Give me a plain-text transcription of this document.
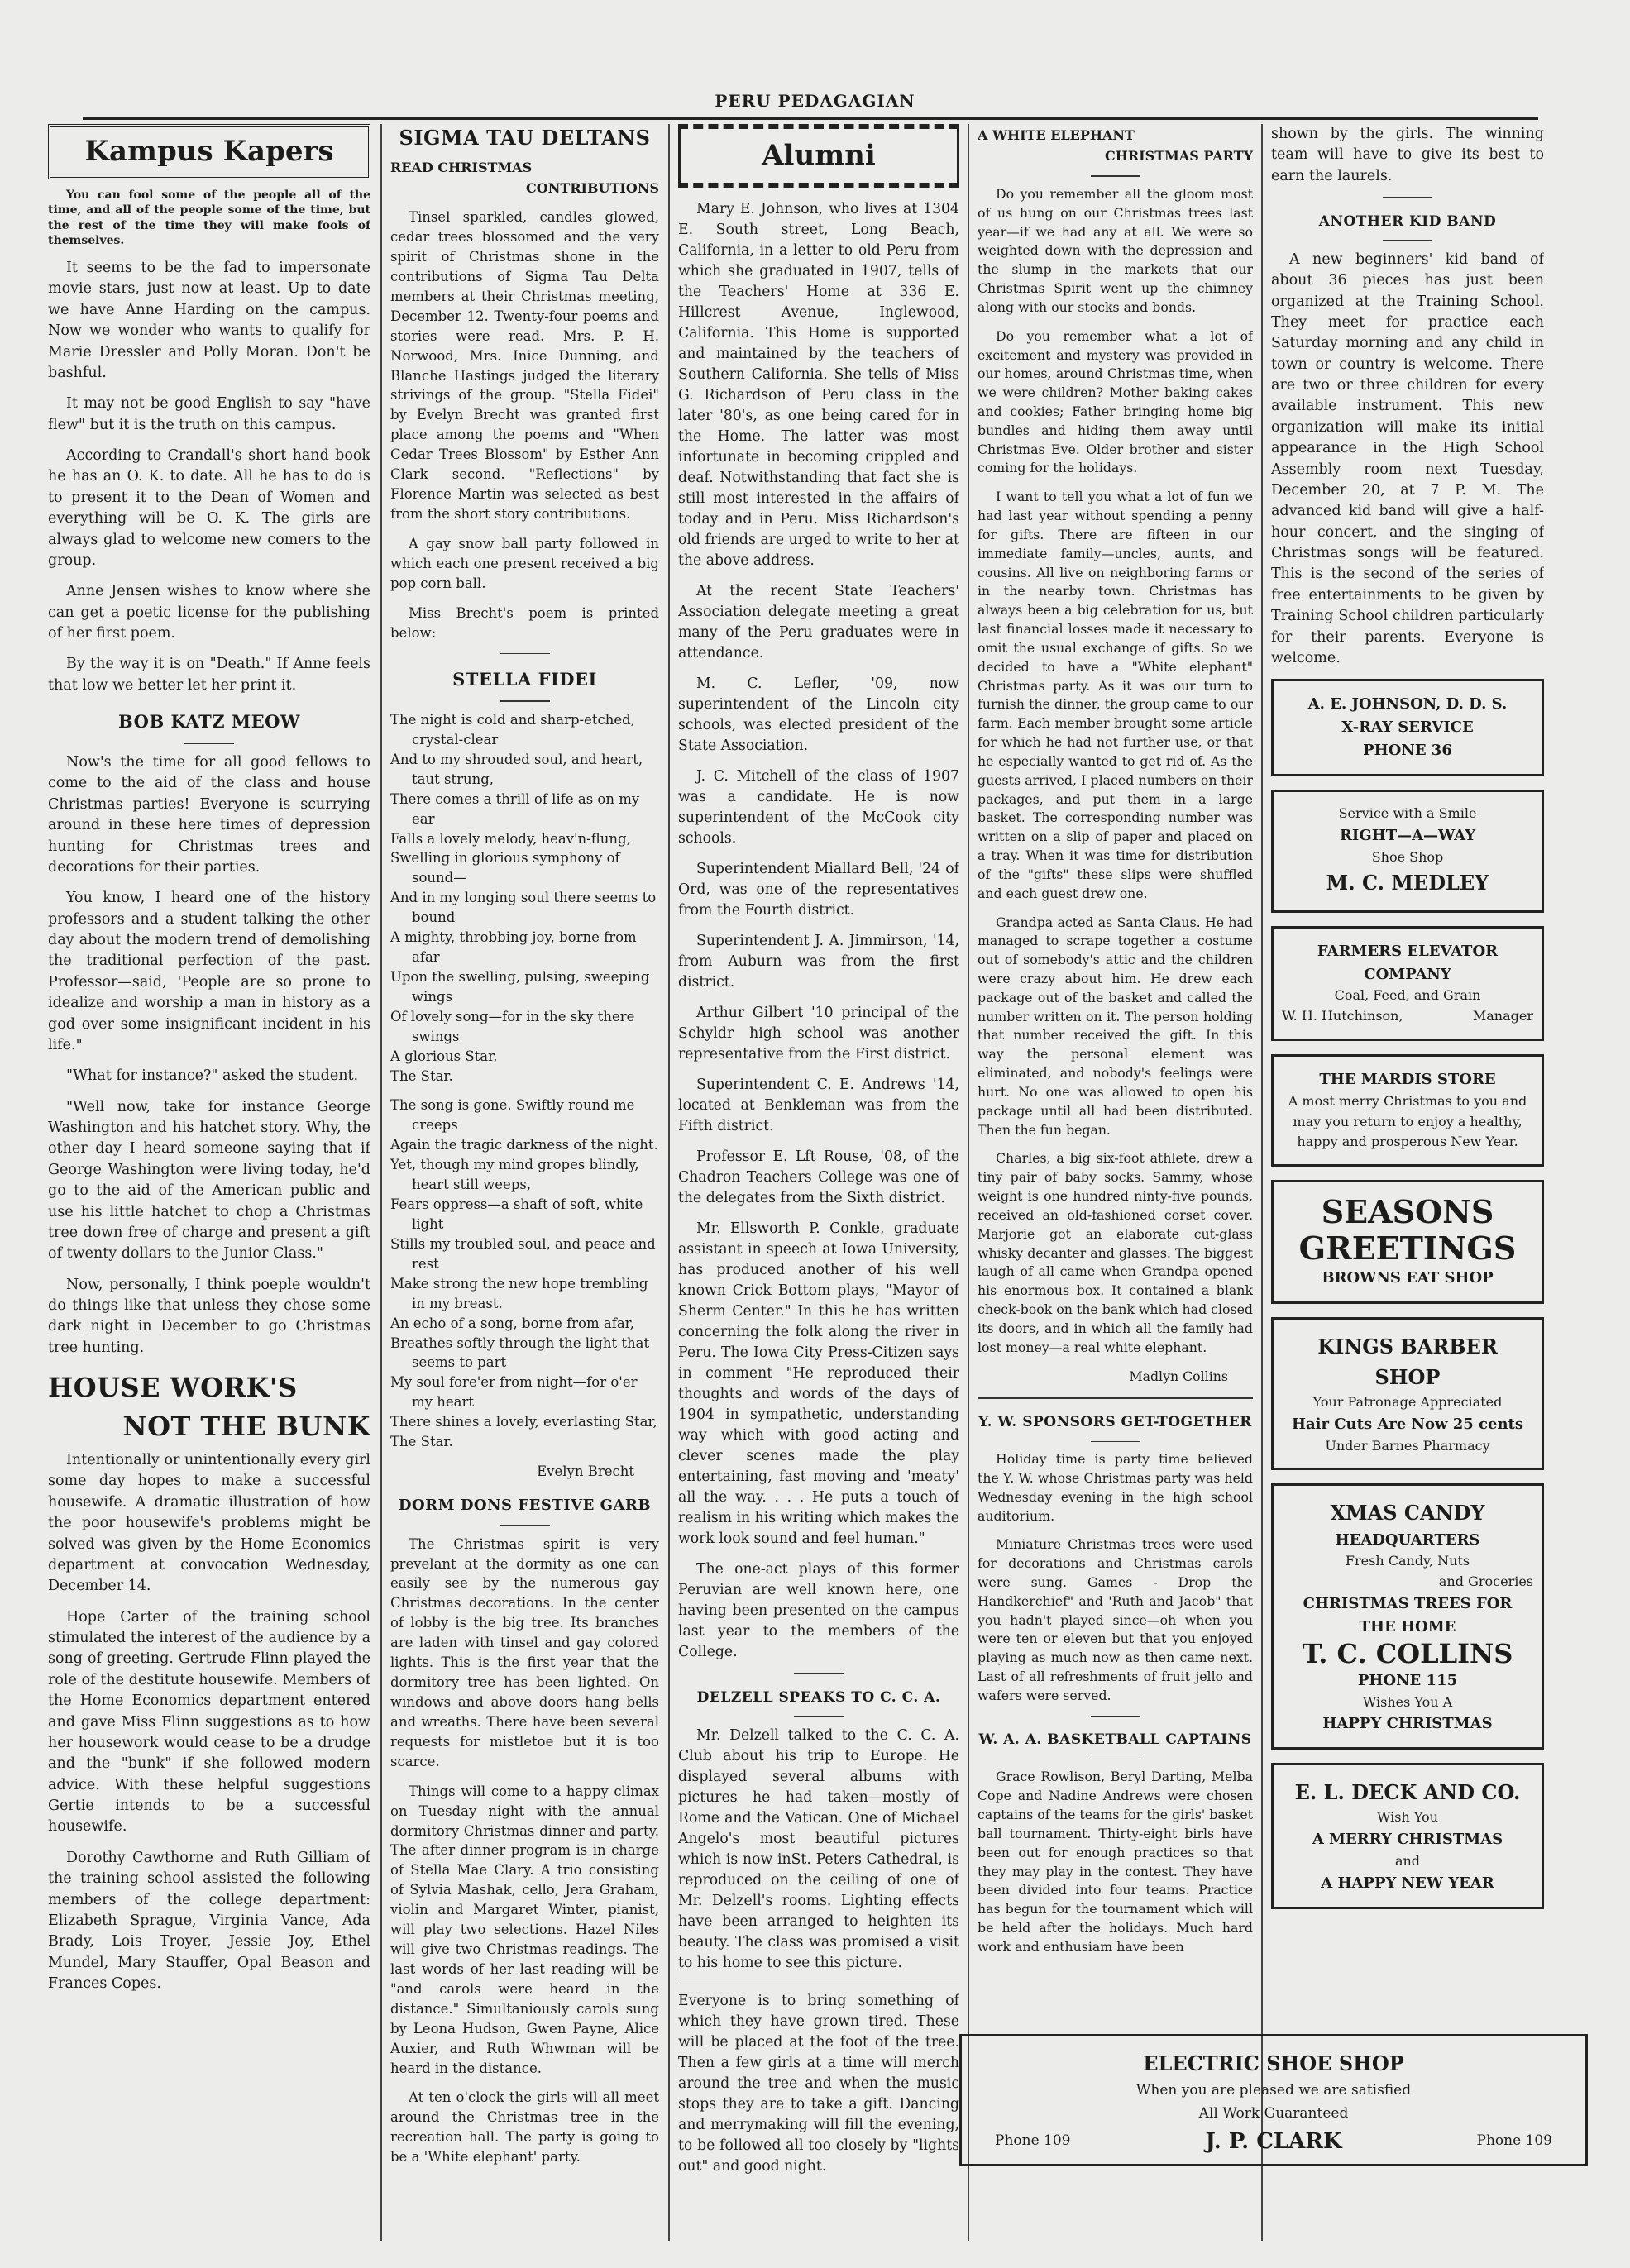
PERU PEDAGAGIAN
Kampus Kapers

You can fool some of the people all of the time, and all of the people some of the time, but the rest of the time they will make fools of themselves.

It seems to be the fad to impersonate movie stars, just now at least. Up to date we have Anne Harding on the campus. Now we wonder who wants to qualify for Marie Dressler and Polly Moran. Don't be bashful.

It may not be good English to say "have flew" but it is the truth on this campus.

According to Crandall's short hand book he has an O. K. to date. All he has to do is to present it to the Dean of Women and everything will be O. K. The girls are always glad to welcome new comers to the group.

Anne Jensen wishes to know where she can get a poetic license for the publishing of her first poem.

By the way it is on "Death." If Anne feels that low we better let her print it.

BOB KATZ MEOW

Now's the time for all good fellows to come to the aid of the class and house Christmas parties! Everyone is scurrying around in these here times of depression hunting for Christmas trees and decorations for their parties.

You know, I heard one of the history professors and a student talking the other day about the modern trend of demolishing the traditional perfection of the past. Professor—said, 'People are so prone to idealize and worship a man in history as a god over some insignificant incident in his life."

"What for instance?" asked the student.

"Well now, take for instance George Washington and his hatchet story. Why, the other day I heard someone saying that if George Washington were living today, he'd go to the aid of the American public and use his little hatchet to chop a Christmas tree down free of charge and present a gift of twenty dollars to the Junior Class."

Now, personally, I think poeple wouldn't do things like that unless they chose some dark night in December to go Christmas tree hunting.

HOUSE WORK'S
NOT THE BUNK

Intentionally or unintentionally every girl some day hopes to make a successful housewife. A dramatic illustration of how the poor housewife's problems might be solved was given by the Home Economics department at convocation Wednesday, December 14.

Hope Carter of the training school stimulated the interest of the audience by a song of greeting. Gertrude Flinn played the role of the destitute housewife. Members of the Home Economics department entered and gave Miss Flinn suggestions as to how her housework would cease to be a drudge and the "bunk" if she followed modern advice. With these helpful suggestions Gertie intends to be a successful housewife.

Dorothy Cawthorne and Ruth Gilliam of the training school assisted the following members of the college department: Elizabeth Sprague, Virginia Vance, Ada Brady, Lois Troyer, Jessie Joy, Ethel Mundel, Mary Stauffer, Opal Beason and Frances Copes.

SIGMA TAU DELTANS
READ CHRISTMAS
CONTRIBUTIONS

Tinsel sparkled, candles glowed, cedar trees blossomed and the very spirit of Christmas shone in the contributions of Sigma Tau Delta members at their Christmas meeting, December 12. Twenty-four poems and stories were read. Mrs. P. H. Norwood, Mrs. Inice Dunning, and Blanche Hastings judged the literary strivings of the group. "Stella Fidei" by Evelyn Brecht was granted first place among the poems and "When Cedar Trees Blossom" by Esther Ann Clark second. "Reflections" by Florence Martin was selected as best from the short story contributions.

A gay snow ball party followed in which each one present received a big pop corn ball.

Miss Brecht's poem is printed below:

STELLA FIDEI

The night is cold and sharp-etched, crystal-clear
And to my shrouded soul, and heart, taut strung,
There comes a thrill of life as on my ear
Falls a lovely melody, heav'n-flung,
Swelling in glorious symphony of sound—
And in my longing soul there seems to bound
A mighty, throbbing joy, borne from afar
Upon the swelling, pulsing, sweeping wings
Of lovely song—for in the sky there swings
A glorious Star,
The Star.

The song is gone. Swiftly round me creeps
Again the tragic darkness of the night.
Yet, though my mind gropes blindly, heart still weeps,
Fears oppress—a shaft of soft, white light
Stills my troubled soul, and peace and rest
Make strong the new hope trembling in my breast.
An echo of a song, borne from afar,
Breathes softly through the light that seems to part
My soul fore'er from night—for o'er my heart
There shines a lovely, everlasting Star,
The Star.

Evelyn Brecht

DORM DONS FESTIVE GARB

The Christmas spirit is very prevelant at the dormity as one can easily see by the numerous gay Christmas decorations. In the center of lobby is the big tree. Its branches are laden with tinsel and gay colored lights. This is the first year that the dormitory tree has been lighted. On windows and above doors hang bells and wreaths. There have been several requests for mistletoe but it is too scarce.

Things will come to a happy climax on Tuesday night with the annual dormitory Christmas dinner and party. The after dinner program is in charge of Stella Mae Clary. A trio consisting of Sylvia Mashak, cello, Jera Graham, violin and Margaret Winter, pianist, will play two selections. Hazel Niles will give two Christmas readings. The last words of her last reading will be "and carols were heard in the distance." Simultaniously carols sung by Leona Hudson, Gwen Payne, Alice Auxier, and Ruth Whwman will be heard in the distance.

At ten o'clock the girls will all meet around the Christmas tree in the recreation hall. The party is going to be a 'White elephant' party.

Alumni

Mary E. Johnson, who lives at 1304 E. South street, Long Beach, California, in a letter to old Peru from which she graduated in 1907, tells of the Teachers' Home at 336 E. Hillcrest Avenue, Inglewood, California. This Home is supported and maintained by the teachers of Southern California. She tells of Miss G. Richardson of Peru class in the later '80's, as one being cared for in the Home. The latter was most infortunate in becoming crippled and deaf. Notwithstanding that fact she is still most interested in the affairs of today and in Peru. Miss Richardson's old friends are urged to write to her at the above address.

At the recent State Teachers' Association delegate meeting a great many of the Peru graduates were in attendance.

M. C. Lefler, '09, now superintendent of the Lincoln city schools, was elected president of the State Association.

J. C. Mitchell of the class of 1907 was a candidate. He is now superintendent of the McCook city schools.

Superintendent Miallard Bell, '24 of Ord, was one of the representatives from the Fourth district.

Superintendent J. A. Jimmirson, '14, from Auburn was from the first district.

Arthur Gilbert '10 principal of the Schyldr high school was another representative from the First district.

Superintendent C. E. Andrews '14, located at Benkleman was from the Fifth district.

Professor E. Lft Rouse, '08, of the Chadron Teachers College was one of the delegates from the Sixth district.

Mr. Ellsworth P. Conkle, graduate assistant in speech at Iowa University, has produced another of his well known Crick Bottom plays, "Mayor of Sherm Center." In this he has written concerning the folk along the river in Peru. The Iowa City Press-Citizen says in comment "He reproduced their thoughts and words of the days of 1904 in sympathetic, understanding way which with good acting and clever scenes made the play entertaining, fast moving and 'meaty' all the way. . . . He puts a touch of realism in his writing which makes the work look sound and feel human."

The one-act plays of this former Peruvian are well known here, one having been presented on the campus last year to the members of the College.

DELZELL SPEAKS TO C. C. A.

Mr. Delzell talked to the C. C. A. Club about his trip to Europe. He displayed several albums with pictures he had taken—mostly of Rome and the Vatican. One of Michael Angelo's most beautiful pictures which is now inSt. Peters Cathedral, is reproduced on the ceiling of one of Mr. Delzell's rooms. Lighting effects have been arranged to heighten its beauty. The class was promised a visit to his home to see this picture.

Everyone is to bring something of which they have grown tired. These will be placed at the foot of the tree. Then a few girls at a time will merch around the tree and when the music stops they are to take a gift. Dancing and merrymaking will fill the evening, to be followed all too closely by "lights out" and good night.

A WHITE ELEPHANT
CHRISTMAS PARTY

Do you remember all the gloom most of us hung on our Christmas trees last year—if we had any at all. We were so weighted down with the depression and the slump in the markets that our Christmas Spirit went up the chimney along with our stocks and bonds.

Do you remember what a lot of excitement and mystery was provided in our homes, around Christmas time, when we were children? Mother baking cakes and cookies; Father bringing home big bundles and hiding them away until Christmas Eve. Older brother and sister coming for the holidays.

I want to tell you what a lot of fun we had last year without spending a penny for gifts. There are fifteen in our immediate family—uncles, aunts, and cousins. All live on neighboring farms or in the nearby town. Christmas has always been a big celebration for us, but last financial losses made it necessary to omit the usual exchange of gifts. So we decided to have a "White elephant" Christmas party. As it was our turn to furnish the dinner, the group came to our farm. Each member brought some article for which he had not further use, or that he especially wanted to get rid of. As the guests arrived, I placed numbers on their packages, and put them in a large basket. The corresponding number was written on a slip of paper and placed on a tray. When it was time for distribution of the "gifts" these slips were shuffled and each guest drew one.

Grandpa acted as Santa Claus. He had managed to scrape together a costume out of somebody's attic and the children were crazy about him. He drew each package out of the basket and called the number written on it. The person holding that number received the gift. In this way the personal element was eliminated, and nobody's feelings were hurt. No one was allowed to open his package until all had been distributed. Then the fun began.

Charles, a big six-foot athlete, drew a tiny pair of baby socks. Sammy, whose weight is one hundred ninty-five pounds, received an old-fashioned corset cover. Marjorie got an elaborate cut-glass whisky decanter and glasses. The biggest laugh of all came when Grandpa opened his enormous box. It contained a blank check-book on the bank which had closed its doors, and in which all the family had lost money—a real white elephant.

Madlyn Collins

Y. W. SPONSORS GET-TOGETHER

Holiday time is party time believed the Y. W. whose Christmas party was held Wednesday evening in the high school auditorium.

Miniature Christmas trees were used for decorations and Christmas carols were sung. Games - Drop the Handkerchief" and 'Ruth and Jacob" that you hadn't played since—oh when you were ten or eleven but that you enjoyed playing as much now as then came next. Last of all refreshments of fruit jello and wafers were served.

W. A. A. BASKETBALL CAPTAINS

Grace Rowlison, Beryl Darting, Melba Cope and Nadine Andrews were chosen captains of the teams for the girls' basket ball tournament. Thirty-eight birls have been out for enough practices so that they may play in the contest. They have been divided into four teams. Practice has begun for the tournament which will be held after the holidays. Much hard work and enthusiam have been

shown by the girls. The winning team will have to give its best to earn the laurels.

ANOTHER KID BAND

A new beginners' kid band of about 36 pieces has just been organized at the Training School. They meet for practice each Saturday morning and any child in town or country is welcome. There are two or three children for every available instrument. This new organization will make its initial appearance in the High School Assembly room next Tuesday, December 20, at 7 P. M. The advanced kid band will give a half-hour concert, and the singing of Christmas songs will be featured. This is the second of the series of free entertainments to be given by Training School children particularly for their parents. Everyone is welcome.

A. E. JOHNSON, D. D. S.
X-RAY SERVICE
PHONE 36
Service with a Smile
RIGHT—A—WAY
Shoe Shop
M. C. MEDLEY
FARMERS ELEVATOR
COMPANY
Coal, Feed, and Grain
W. H. Hutchinson,	Manager
THE MARDIS STORE
A most merry Christmas to you and may you return to enjoy a healthy, happy and prosperous New Year.
SEASONS
GREETINGS
BROWNS EAT SHOP
KINGS BARBER SHOP
Your Patronage Appreciated
Hair Cuts Are Now 25 cents
Under Barnes Pharmacy
XMAS CANDY
HEADQUARTERS
Fresh Candy, Nuts
and Groceries
CHRISTMAS TREES FOR
THE HOME
T. C. COLLINS
PHONE 115
Wishes You A
HAPPY CHRISTMAS
E. L. DECK AND CO.
Wish You
A MERRY CHRISTMAS
and
A HAPPY NEW YEAR
ELECTRIC SHOE SHOP
When you are pleased we are satisfied
All Work Guaranteed
J. P. CLARK
Phone 109	Phone 109
